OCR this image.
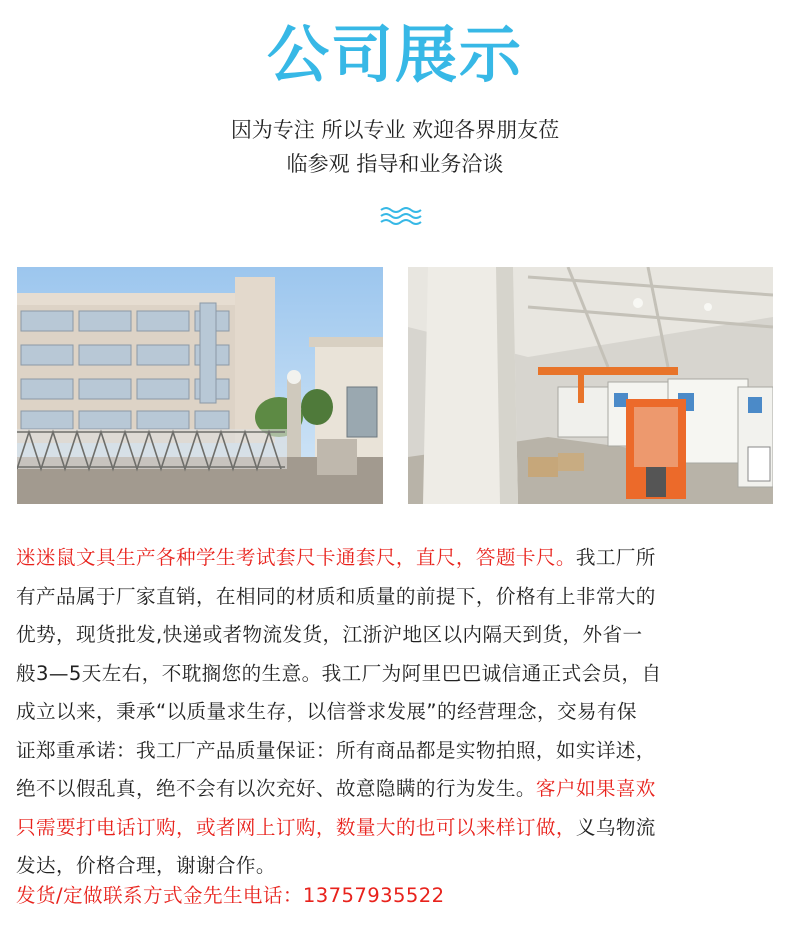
公司展示
因为专注 所以专业 欢迎各界朋友莅
临参观 指导和业务洽谈
迷迷鼠文具生产各种学生考试套尺卡通套尺，直尺，答题卡尺。我工厂所
有产品属于厂家直销，在相同的材质和质量的前提下，价格有上非常大的
优势，现货批发,快递或者物流发货，江浙沪地区以内隔天到货，外省一
般3—5天左右，不耽搁您的生意。我工厂为阿里巴巴诚信通正式会员，自
成立以来，秉承“以质量求生存，以信誉求发展”的经营理念，交易有保
证郑重承诺：我工厂产品质量保证：所有商品都是实物拍照，如实详述，
绝不以假乱真，绝不会有以次充好、故意隐瞒的行为发生。客户如果喜欢
只需要打电话订购，或者网上订购，数量大的也可以来样订做，义乌物流
发达，价格合理，谢谢合作。
发货/定做联系方式金先生电话：13757935522
